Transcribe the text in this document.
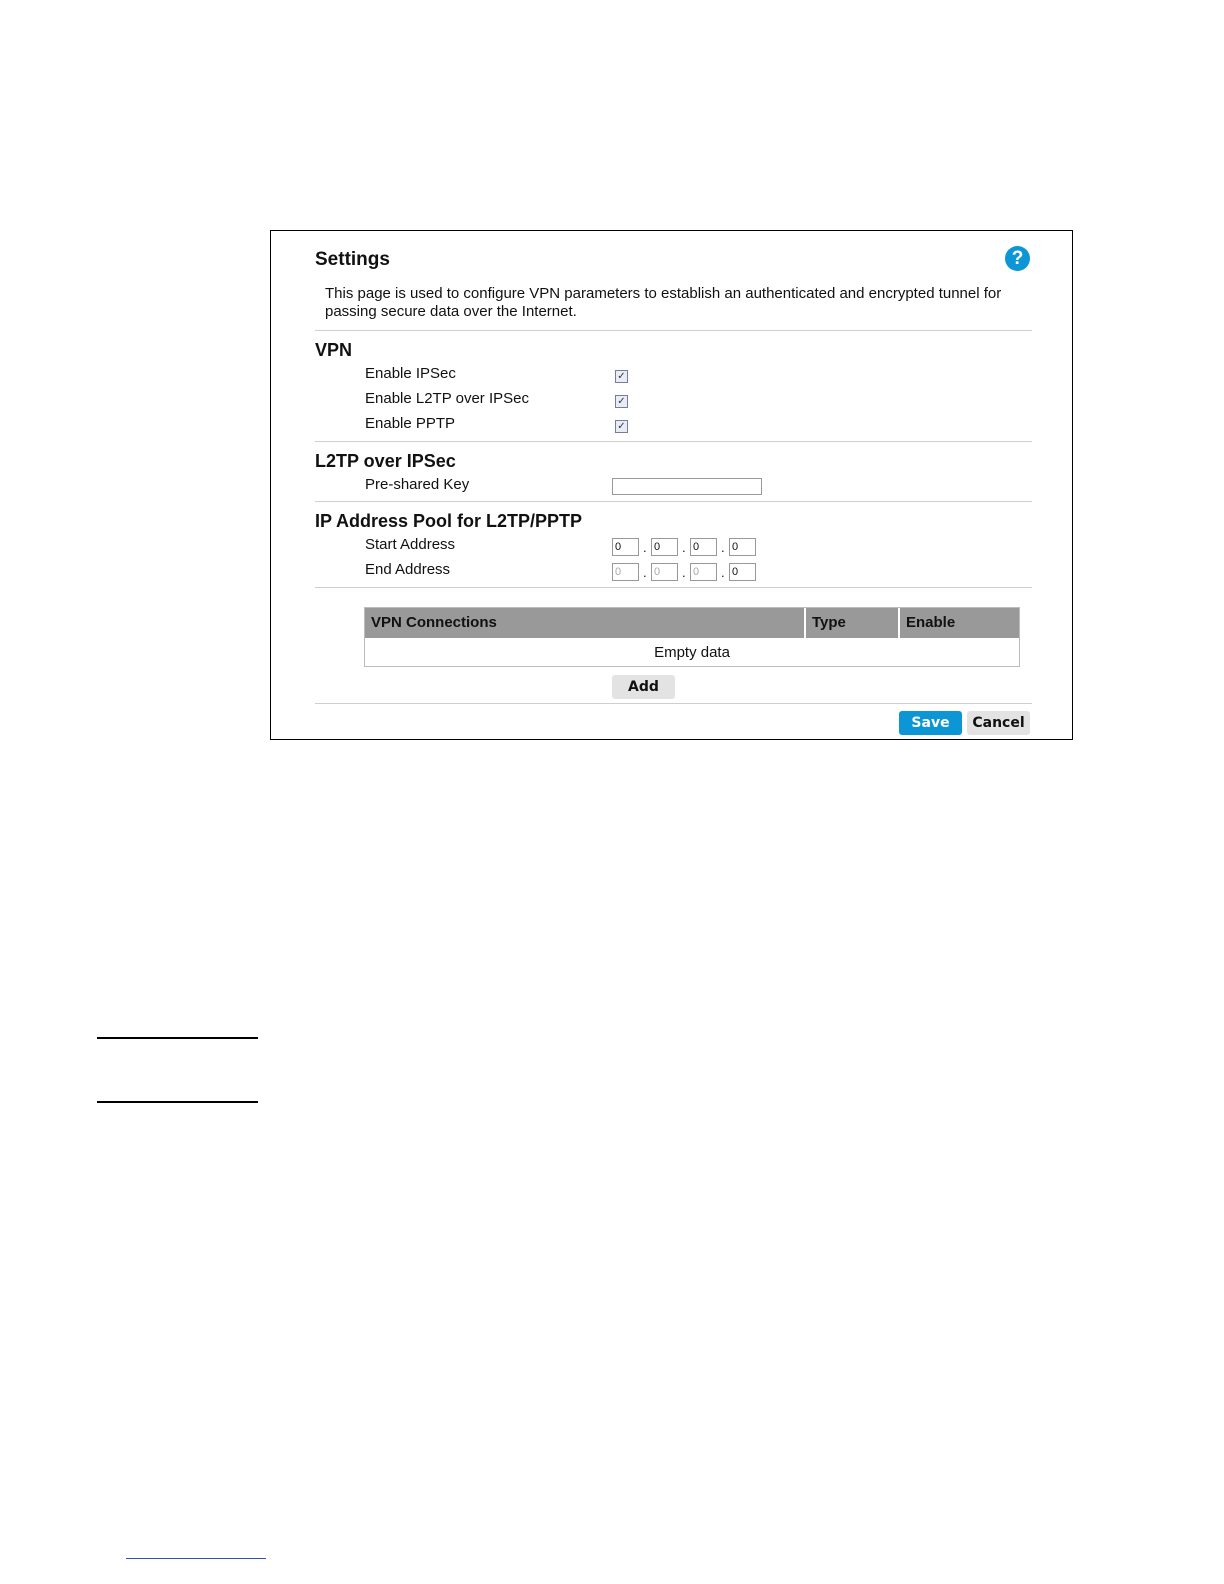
Settings	?
This page is used to configure VPN parameters to establish an authenticated and encrypted tunnel for passing secure data over the Internet.
VPN
Enable IPSec	✓
Enable L2TP over IPSec	✓
Enable PPTP	✓
L2TP over IPSec
Pre-shared Key
IP Address Pool for L2TP/PPTP
Start Address	0	. 0	. 0	. 0
End Address	0	. 0	. 0	. 0
VPN Connections	Type	Enable
Empty data
Add
Save	Cancel
